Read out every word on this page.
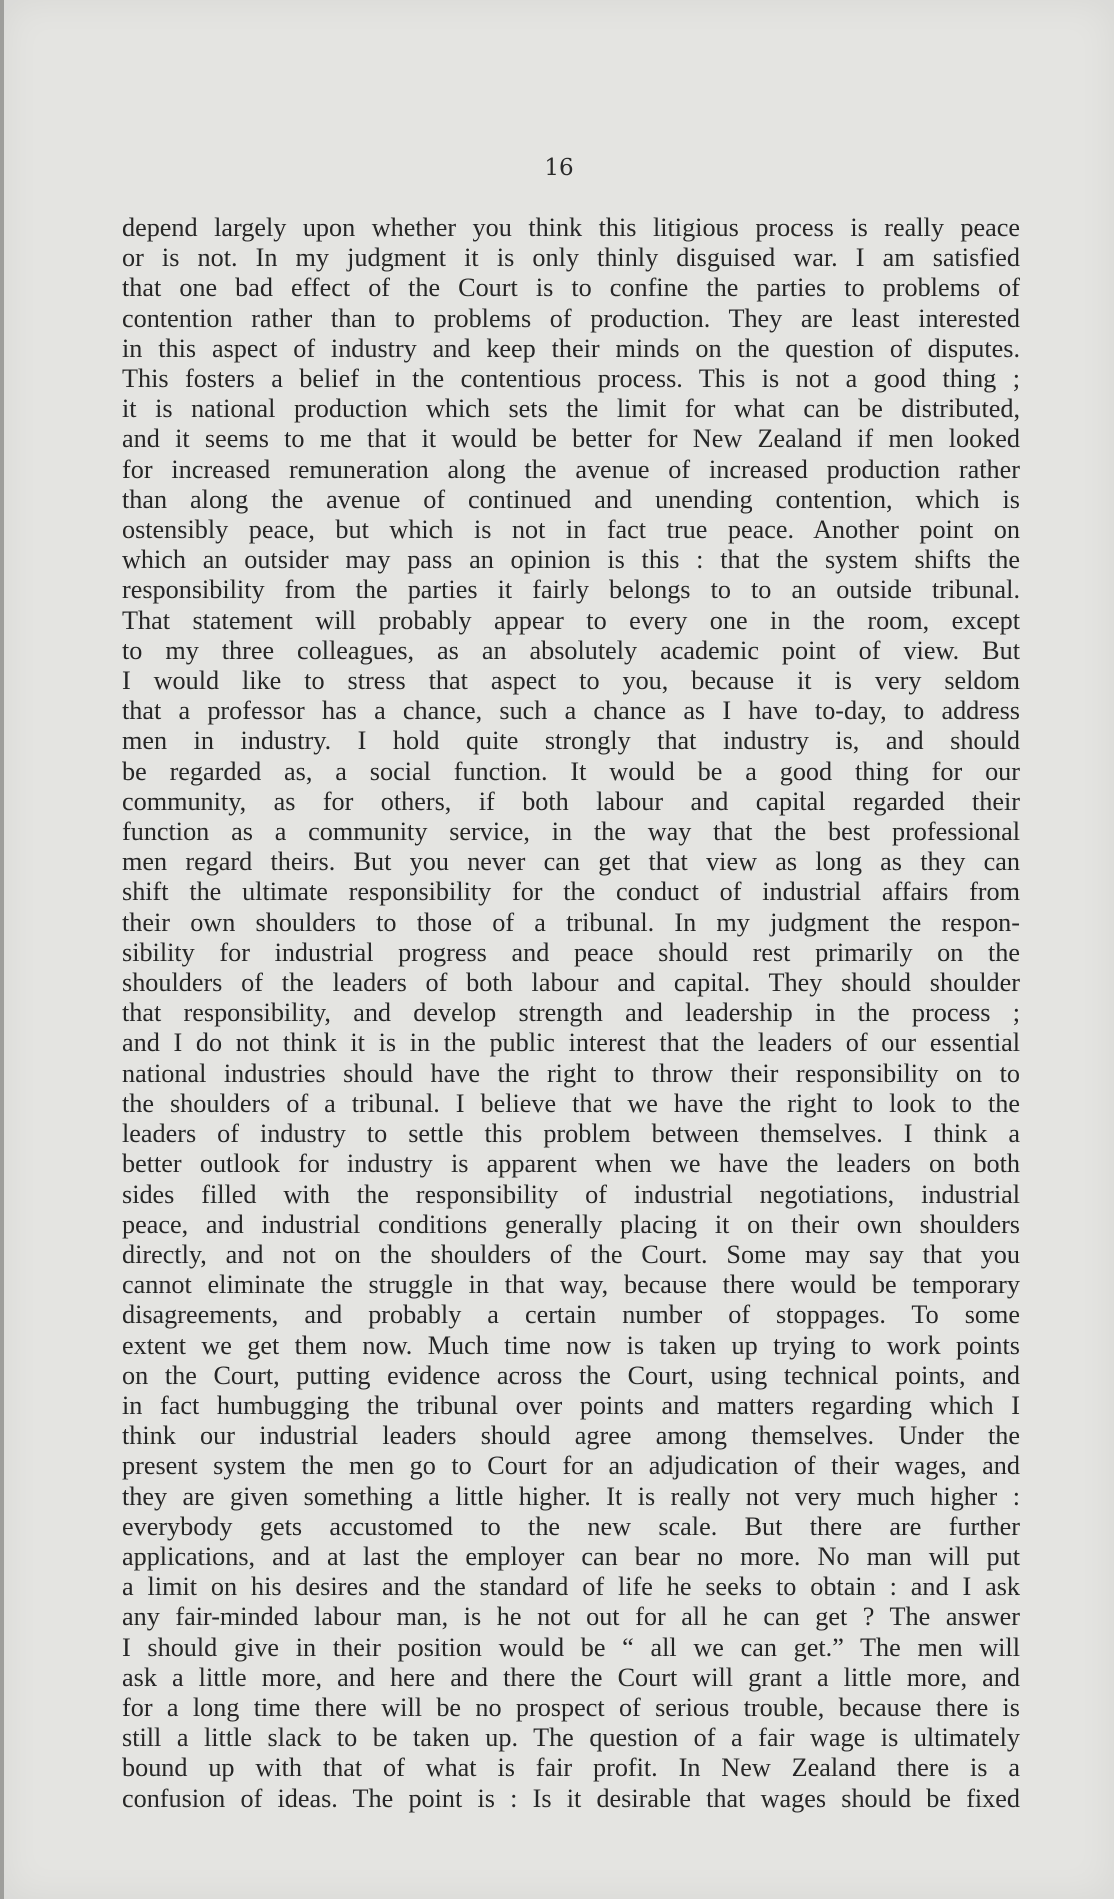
16
depend largely upon whether you think this litigious process is really peace
or is not. In my judgment it is only thinly disguised war. I am satisfied
that one bad effect of the Court is to confine the parties to problems of
contention rather than to problems of production. They are least interested
in this aspect of industry and keep their minds on the question of disputes.
This fosters a belief in the contentious process. This is not a good thing ;
it is national production which sets the limit for what can be distributed,
and it seems to me that it would be better for New Zealand if men looked
for increased remuneration along the avenue of increased production rather
than along the avenue of continued and unending contention, which is
ostensibly peace, but which is not in fact true peace. Another point on
which an outsider may pass an opinion is this : that the system shifts the
responsibility from the parties it fairly belongs to to an outside tribunal.
That statement will probably appear to every one in the room, except
to my three colleagues, as an absolutely academic point of view. But
I would like to stress that aspect to you, because it is very seldom
that a professor has a chance, such a chance as I have to-day, to address
men in industry. I hold quite strongly that industry is, and should
be regarded as, a social function. It would be a good thing for our
community, as for others, if both labour and capital regarded their
function as a community service, in the way that the best professional
men regard theirs. But you never can get that view as long as they can
shift the ultimate responsibility for the conduct of industrial affairs from
their own shoulders to those of a tribunal. In my judgment the respon-
sibility for industrial progress and peace should rest primarily on the
shoulders of the leaders of both labour and capital. They should shoulder
that responsibility, and develop strength and leadership in the process ;
and I do not think it is in the public interest that the leaders of our essential
national industries should have the right to throw their responsibility on to
the shoulders of a tribunal. I believe that we have the right to look to the
leaders of industry to settle this problem between themselves. I think a
better outlook for industry is apparent when we have the leaders on both
sides filled with the responsibility of industrial negotiations, industrial
peace, and industrial conditions generally placing it on their own shoulders
directly, and not on the shoulders of the Court. Some may say that you
cannot eliminate the struggle in that way, because there would be temporary
disagreements, and probably a certain number of stoppages. To some
extent we get them now. Much time now is taken up trying to work points
on the Court, putting evidence across the Court, using technical points, and
in fact humbugging the tribunal over points and matters regarding which I
think our industrial leaders should agree among themselves. Under the
present system the men go to Court for an adjudication of their wages, and
they are given something a little higher. It is really not very much higher :
everybody gets accustomed to the new scale. But there are further
applications, and at last the employer can bear no more. No man will put
a limit on his desires and the standard of life he seeks to obtain : and I ask
any fair-minded labour man, is he not out for all he can get ? The answer
I should give in their position would be “ all we can get.” The men will
ask a little more, and here and there the Court will grant a little more, and
for a long time there will be no prospect of serious trouble, because there is
still a little slack to be taken up. The question of a fair wage is ultimately
bound up with that of what is fair profit. In New Zealand there is a
confusion of ideas. The point is : Is it desirable that wages should be fixed
